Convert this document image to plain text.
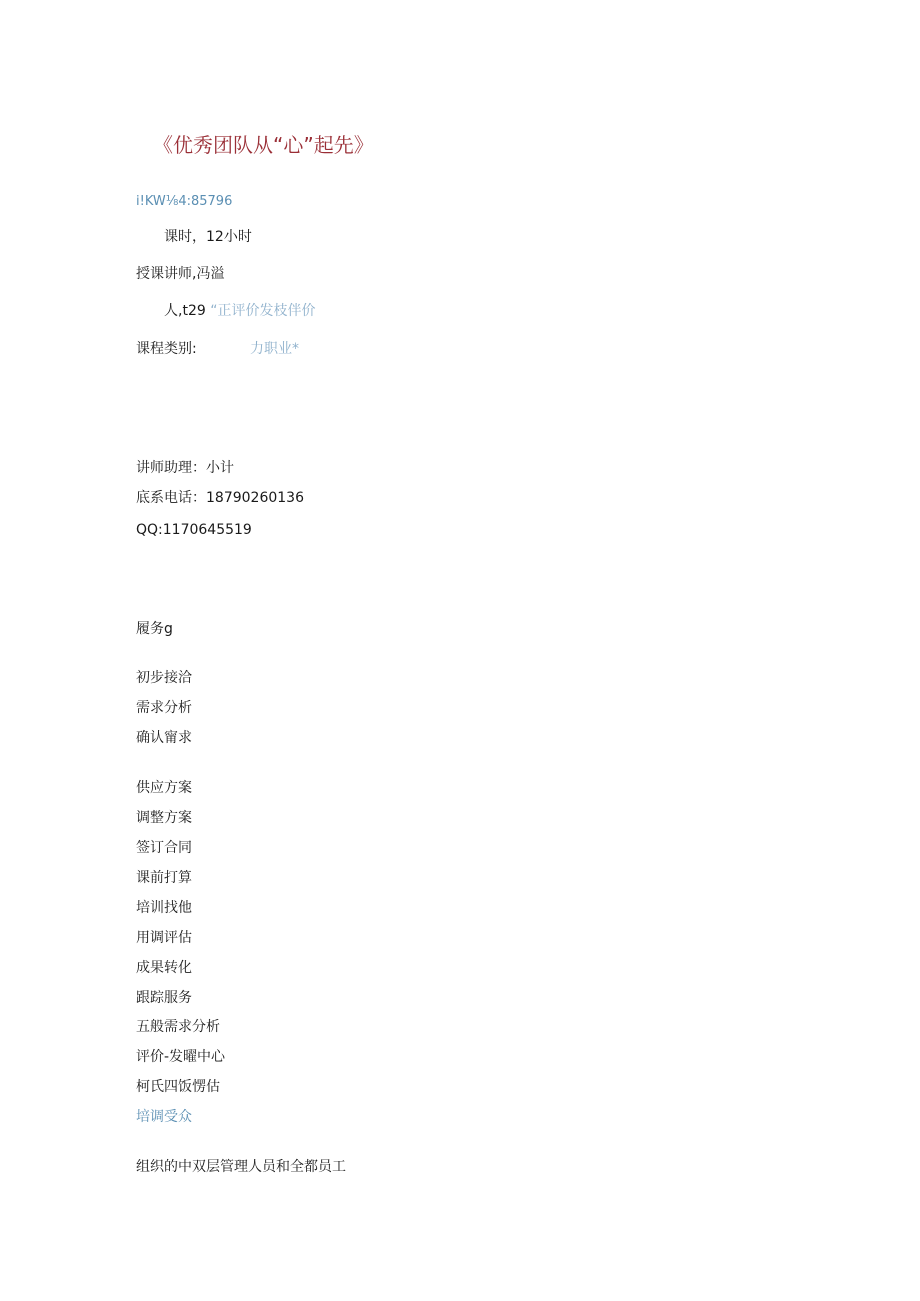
《优秀团队从“心”起先》
i!KW⅛4:85796
课时，12小时
授课讲师,冯溢
人,t29 “正评价发枝伴价
课程类别:	力职业*
讲师助理：小计
底系电话：18790260136
QQ:1170645519
履务g
初步接洽
需求分析
确认甯求
供应方案
调整方案
签订合同
课前打算
培训找他
用调评估
成果转化
跟踪服务
五般需求分析
评价-发曜中心
柯氏四饭愣估
培调受众
组织的中双层管理人员和全都员工
